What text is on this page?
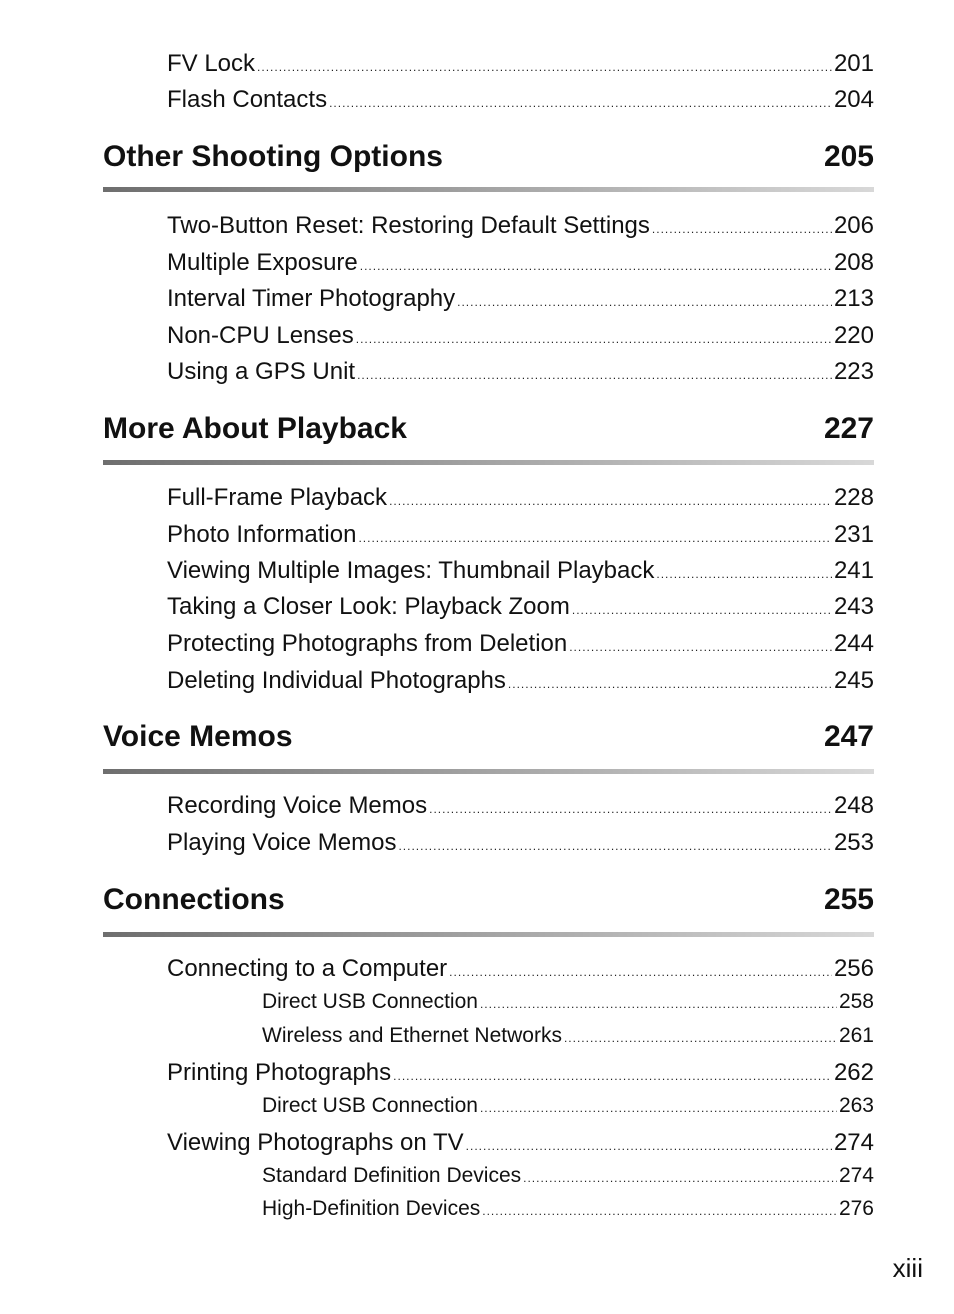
FV Lock .....	201
Flash Contacts .....	204
Other Shooting Options	205
Two-Button Reset: Restoring Default Settings .....	206
Multiple Exposure .....	208
Interval Timer Photography .....	213
Non-CPU Lenses .....	220
Using a GPS Unit .....	223
More About Playback	227
Full-Frame Playback .....	228
Photo Information .....	231
Viewing Multiple Images: Thumbnail Playback .....	241
Taking a Closer Look: Playback Zoom .....	243
Protecting Photographs from Deletion .....	244
Deleting Individual Photographs .....	245
Voice Memos	247
Recording Voice Memos .....	248
Playing Voice Memos .....	253
Connections	255
Connecting to a Computer .....	256
Direct USB Connection .....	258
Wireless and Ethernet Networks .....	261
Printing Photographs .....	262
Direct USB Connection .....	263
Viewing Photographs on TV .....	274
Standard Definition Devices .....	274
High-Definition Devices .....	276
xiii
